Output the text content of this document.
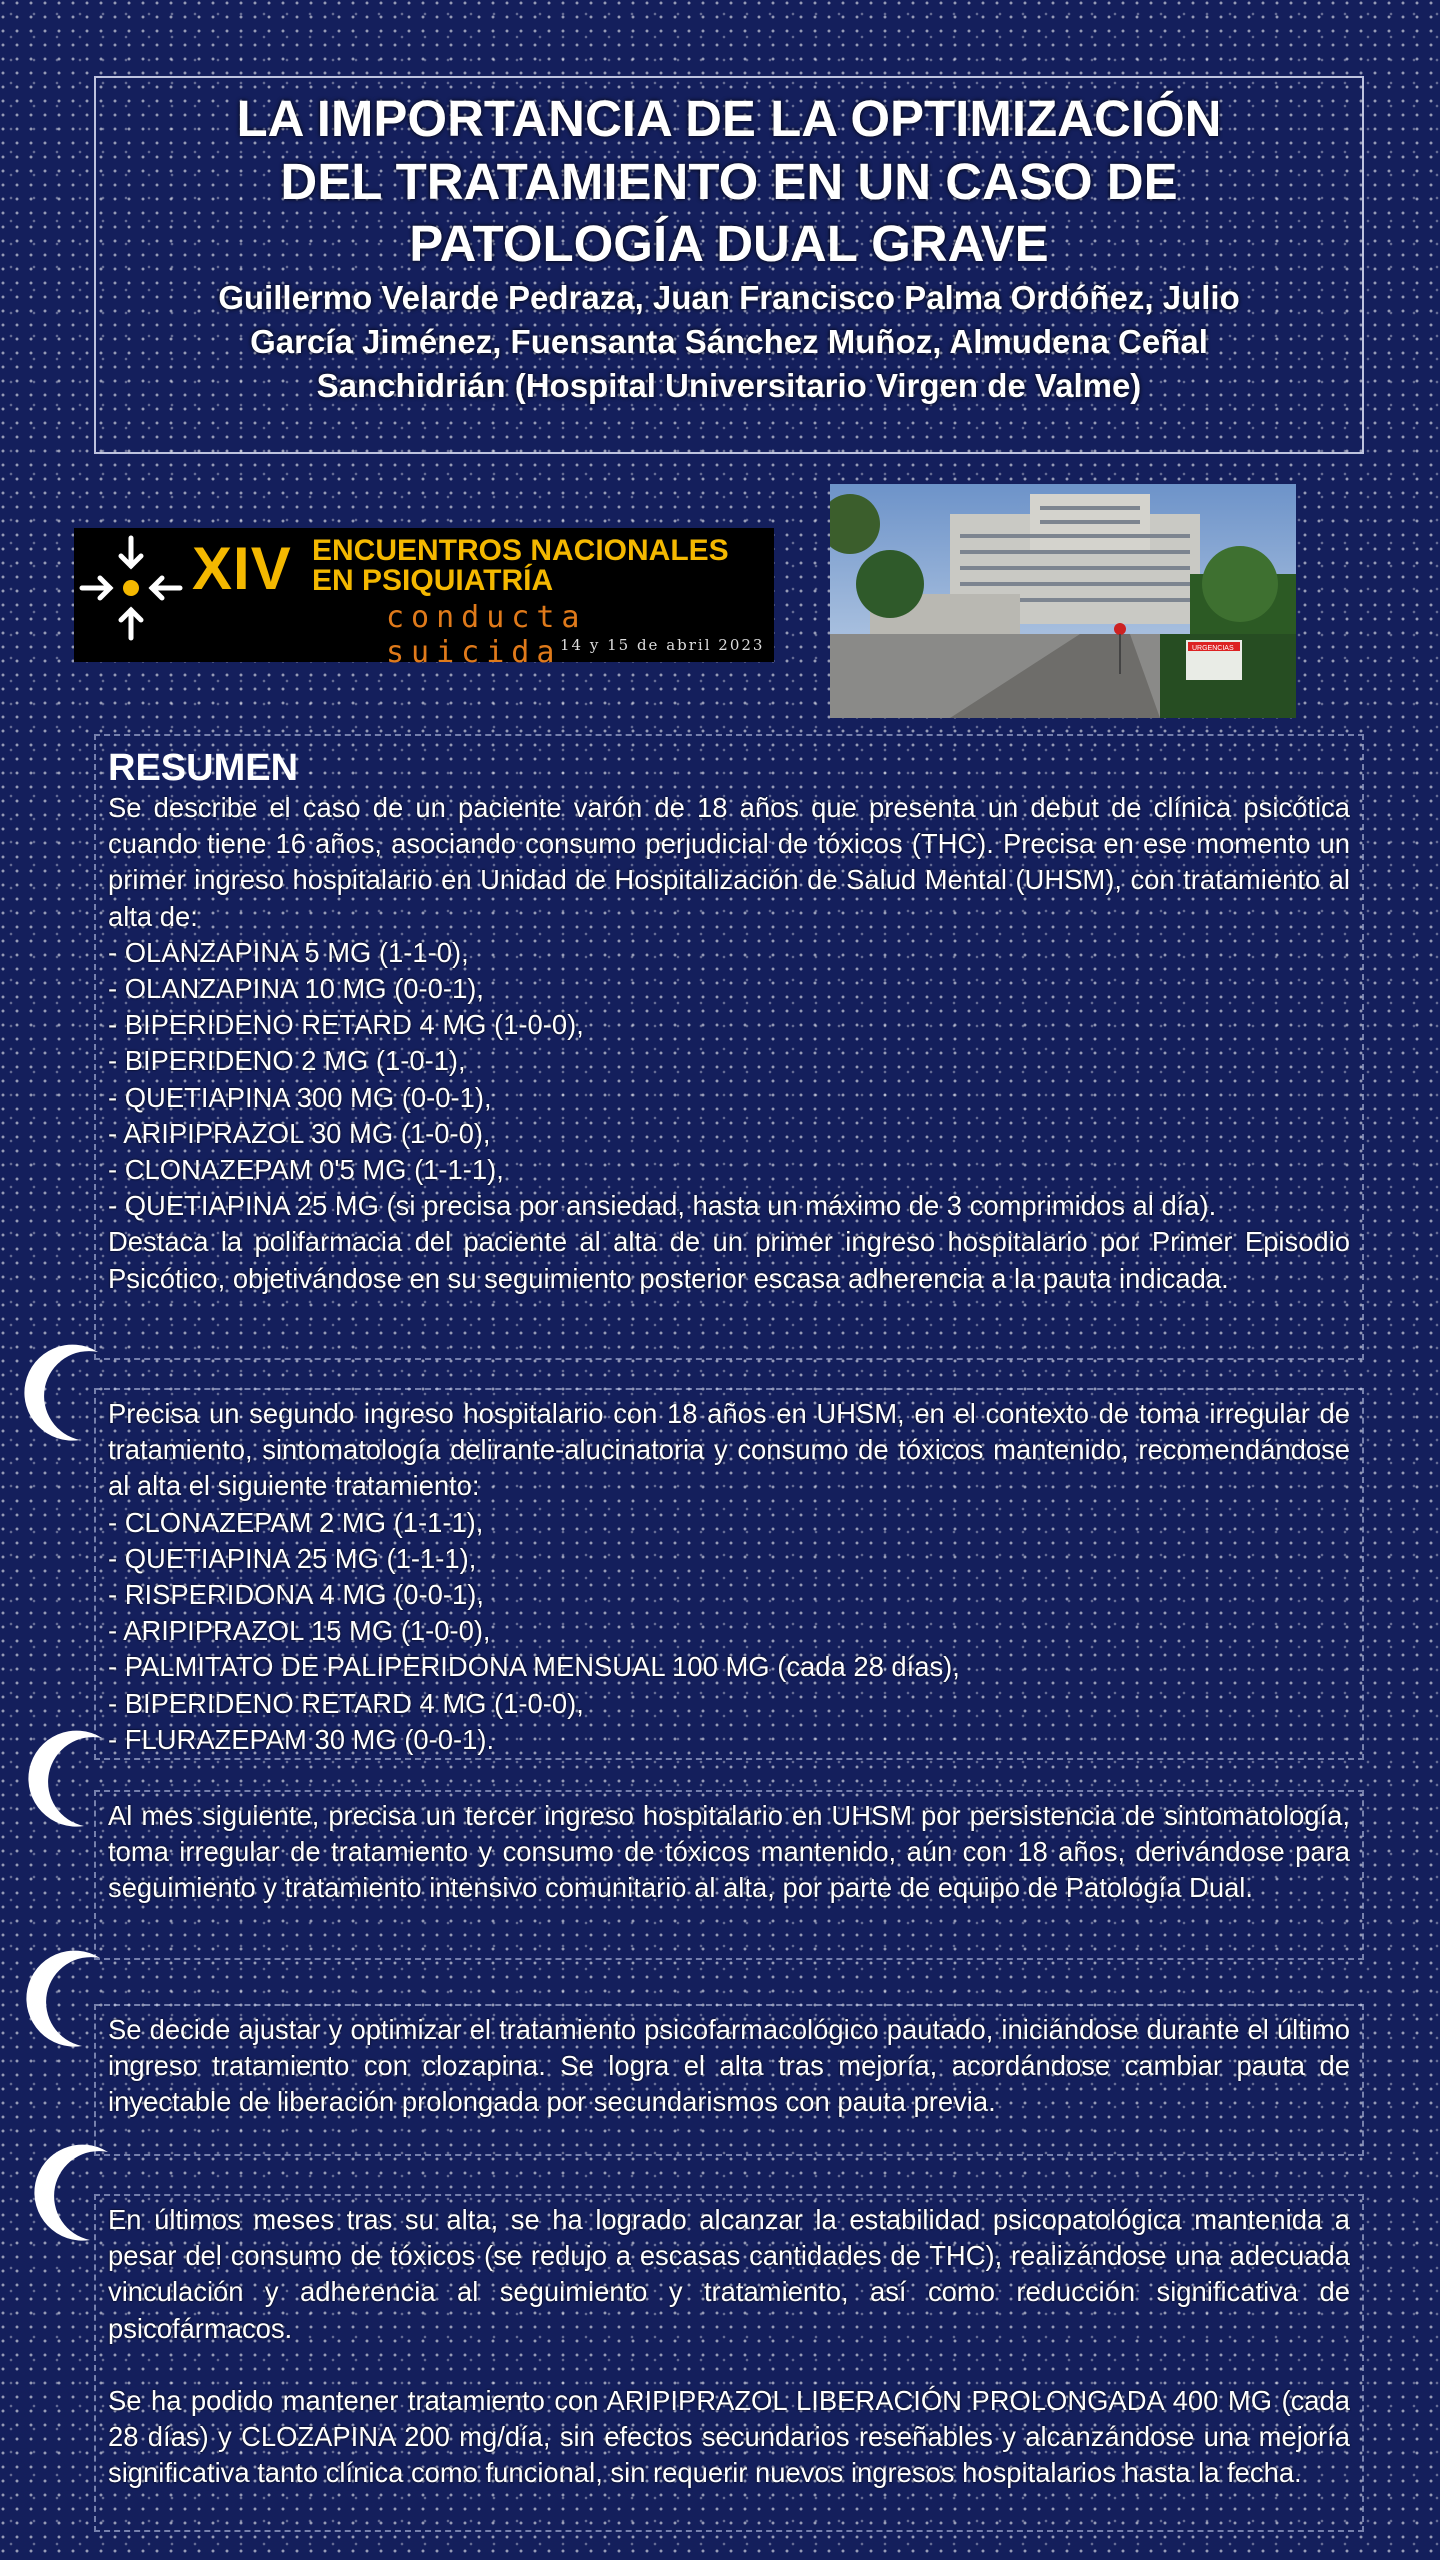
LA IMPORTANCIA DE LA OPTIMIZACIÓN

DEL TRATAMIENTO EN UN CASO DE

PATOLOGÍA DUAL GRAVE

Guillermo Velarde Pedraza, Juan Francisco Palma Ordóñez, Julio

García Jiménez, Fuensanta Sánchez Muñoz, Almudena Ceñal

Sanchidrián (Hospital Universitario Virgen de Valme)

XIV ENCUENTROS NACIONALES
EN PSIQUIATRÍA
conducta suicida
14 y 15 de abril 2023	URGENCIAS

RESUMEN

Se describe el caso de un paciente varón de 18 años que presenta un debut de clínica psicótica cuando tiene 16 años, asociando consumo perjudicial de tóxicos (THC). Precisa en ese momento un primer ingreso hospitalario en Unidad de Hospitalización de Salud Mental (UHSM), con tratamiento al alta de:

- OLANZAPINA 5 MG (1-1-0),

- OLANZAPINA 10 MG (0-0-1),

- BIPERIDENO RETARD 4 MG (1-0-0),

- BIPERIDENO 2 MG (1-0-1),

- QUETIAPINA 300 MG (0-0-1),

- ARIPIPRAZOL 30 MG (1-0-0),

- CLONAZEPAM 0'5 MG (1-1-1),

- QUETIAPINA 25 MG (si precisa por ansiedad, hasta un máximo de 3 comprimidos al día).

Destaca la polifarmacia del paciente al alta de un primer ingreso hospitalario por Primer Episodio Psicótico, objetivándose en su seguimiento posterior escasa adherencia a la pauta indicada.

Precisa un segundo ingreso hospitalario con 18 años en UHSM, en el contexto de toma irregular de tratamiento, sintomatología delirante-alucinatoria y consumo de tóxicos mantenido, recomendándose al alta el siguiente tratamiento:

- CLONAZEPAM 2 MG (1-1-1),

- QUETIAPINA 25 MG (1-1-1),

- RISPERIDONA 4 MG (0-0-1),

- ARIPIPRAZOL 15 MG (1-0-0),

- PALMITATO DE PALIPERIDONA MENSUAL 100 MG (cada 28 días),

- BIPERIDENO RETARD 4 MG (1-0-0),

- FLURAZEPAM 30 MG (0-0-1).

Al mes siguiente, precisa un tercer ingreso hospitalario en UHSM por persistencia de sintomatología, toma irregular de tratamiento y consumo de tóxicos mantenido, aún con 18 años, derivándose para seguimiento y tratamiento intensivo comunitario al alta, por parte de equipo de Patología Dual.

Se decide ajustar y optimizar el tratamiento psicofarmacológico pautado, iniciándose durante el último ingreso tratamiento con clozapina. Se logra el alta tras mejoría, acordándose cambiar pauta de inyectable de liberación prolongada por secundarismos con pauta previa.

En últimos meses tras su alta, se ha logrado alcanzar la estabilidad psicopatológica mantenida a pesar del consumo de tóxicos (se redujo a escasas cantidades de THC), realizándose una adecuada vinculación y adherencia al seguimiento y tratamiento, así como reducción significativa de psicofármacos.

Se ha podido mantener tratamiento con ARIPIPRAZOL LIBERACIÓN PROLONGADA 400 MG (cada 28 días) y CLOZAPINA 200 mg/día, sin efectos secundarios reseñables y alcanzándose una mejoría significativa tanto clínica como funcional, sin requerir nuevos ingresos hospitalarios hasta la fecha.
